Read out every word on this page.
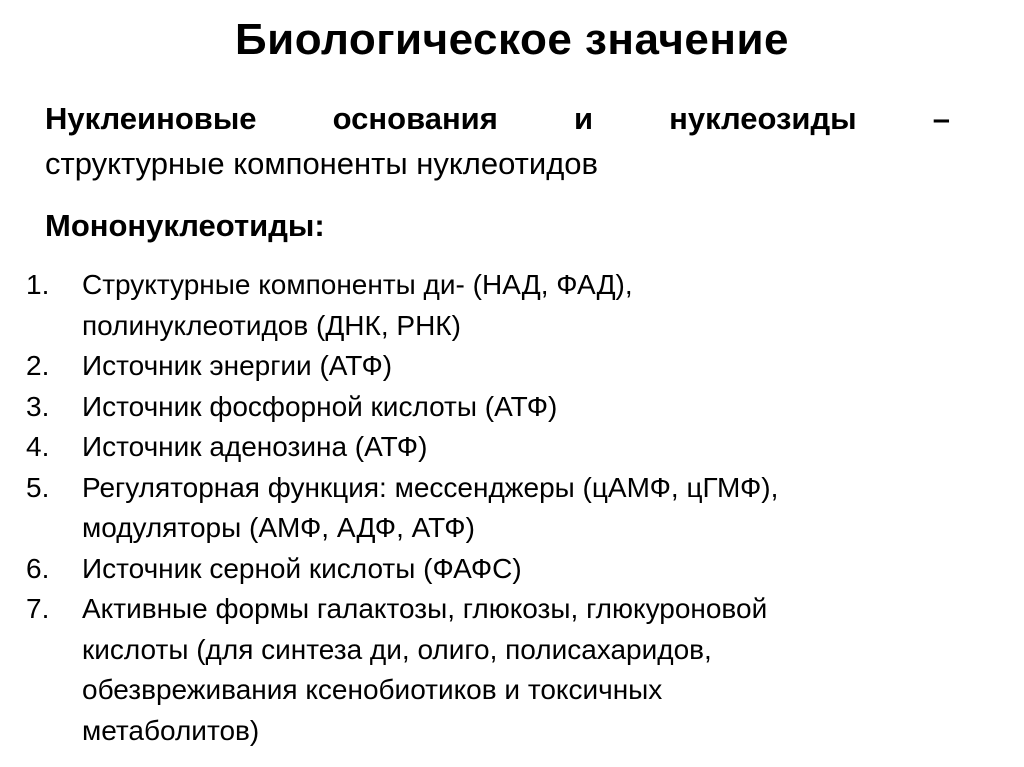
Биологическое значение
Нуклеиновые основания и нуклеозиды –
структурные компоненты нуклеотидов
Мононуклеотиды:
1. Структурные компоненты ди- (НАД, ФАД),
полинуклеотидов (ДНК, РНК)
2. Источник энергии (АТФ)
3. Источник фосфорной кислоты (АТФ)
4. Источник аденозина (АТФ)
5. Регуляторная функция: мессенджеры (цАМФ, цГМФ),
модуляторы (АМФ, АДФ, АТФ)
6. Источник серной кислоты (ФАФС)
7. Активные формы галактозы, глюкозы, глюкуроновой
кислоты (для синтеза ди, олиго, полисахаридов,
обезвреживания ксенобиотиков и токсичных
метаболитов)
